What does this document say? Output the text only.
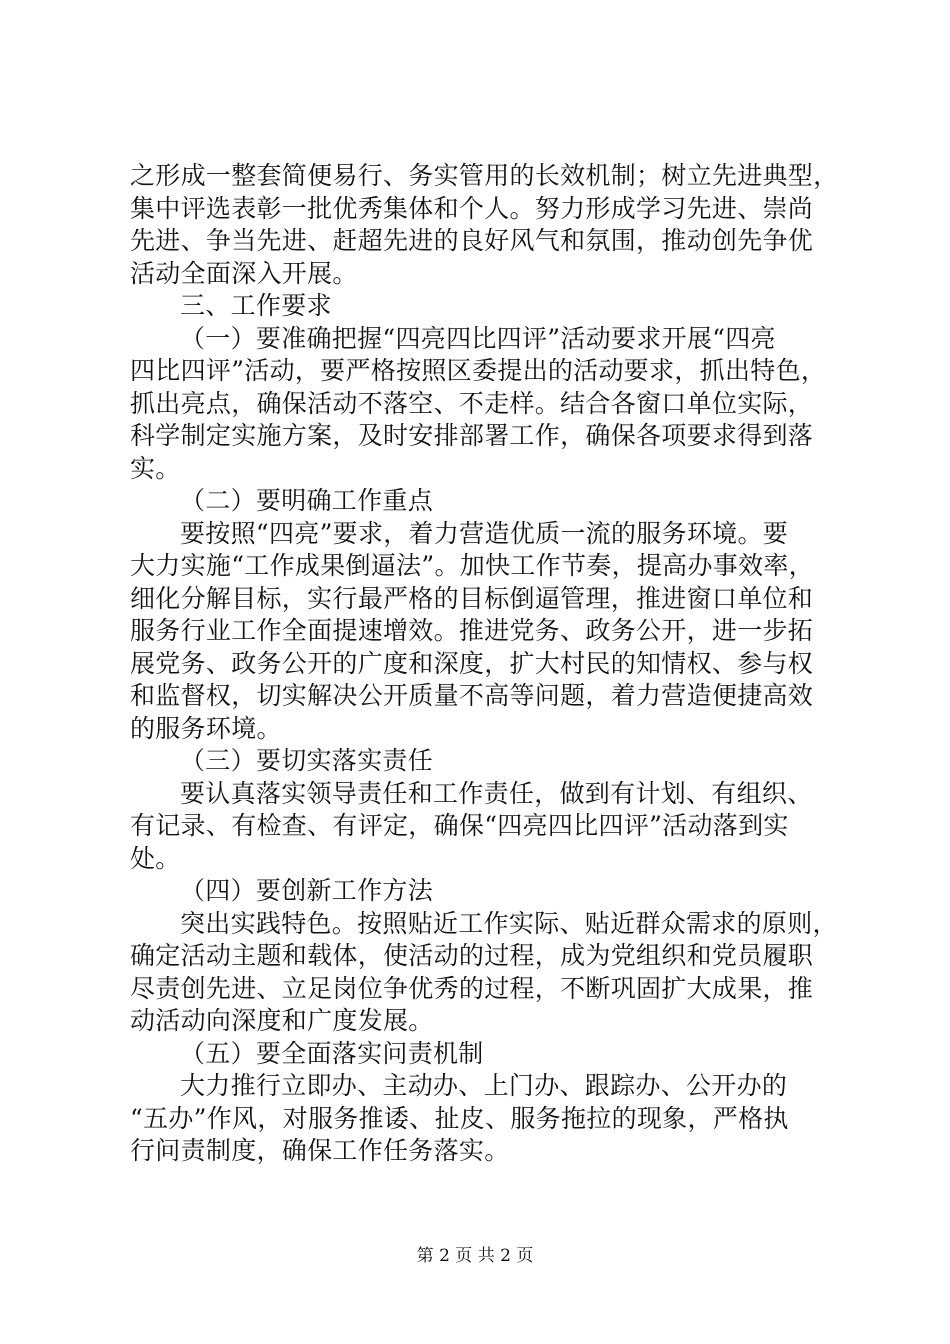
之形成一整套简便易行、务实管用的长效机制；树立先进典型，
集中评选表彰一批优秀集体和个人。努力形成学习先进、崇尚
先进、争当先进、赶超先进的良好风气和氛围，推动创先争优
活动全面深入开展。
三、工作要求
（一）要准确把握“四亮四比四评”活动要求开展“四亮
四比四评”活动，要严格按照区委提出的活动要求，抓出特色，
抓出亮点，确保活动不落空、不走样。结合各窗口单位实际，
科学制定实施方案，及时安排部署工作，确保各项要求得到落
实。
（二）要明确工作重点
要按照“四亮”要求，着力营造优质一流的服务环境。要
大力实施“工作成果倒逼法”。加快工作节奏，提高办事效率，
细化分解目标，实行最严格的目标倒逼管理，推进窗口单位和
服务行业工作全面提速增效。推进党务、政务公开，进一步拓
展党务、政务公开的广度和深度，扩大村民的知情权、参与权
和监督权，切实解决公开质量不高等问题，着力营造便捷高效
的服务环境。
（三）要切实落实责任
要认真落实领导责任和工作责任，做到有计划、有组织、
有记录、有检查、有评定，确保“四亮四比四评”活动落到实
处。
（四）要创新工作方法
突出实践特色。按照贴近工作实际、贴近群众需求的原则，
确定活动主题和载体，使活动的过程，成为党组织和党员履职
尽责创先进、立足岗位争优秀的过程，不断巩固扩大成果，推
动活动向深度和广度发展。
（五）要全面落实问责机制
大力推行立即办、主动办、上门办、跟踪办、公开办的
“五办”作风，对服务推诿、扯皮、服务拖拉的现象，严格执
行问责制度，确保工作任务落实。
第 2 页 共 2 页
